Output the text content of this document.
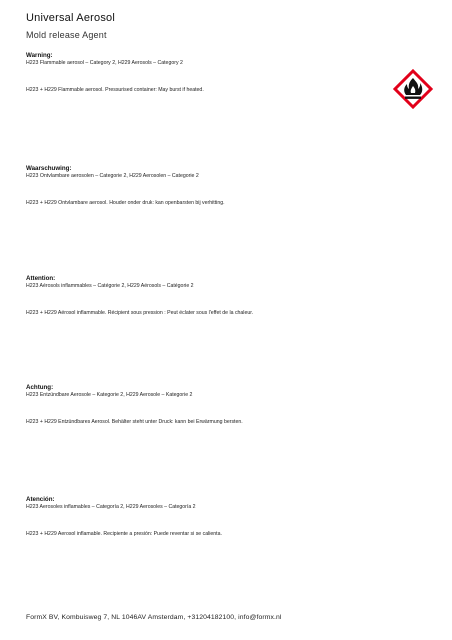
Universal Aerosol
Mold release Agent
Warning:
H223 Flammable aerosol – Category 2, H229 Aerosols – Category 2
H223 + H229 Flammable aerosol. Pressurised container: May burst if heated.
Waarschuwing:
H223 Ontvlambare aerosolen – Categorie 2, H229 Aerosolen – Categorie 2
H223 + H229 Ontvlambare aerosol. Houder onder druk: kan openbarsten bij verhitting.
Attention:
H223 Aérosols inflammables – Catégorie 2, H229 Aérosols – Catégorie 2
H223 + H229 Aérosol inflammable. Récipient sous pression : Peut éclater sous l'effet de la chaleur.
Achtung:
H223 Entzündbare Aerosole – Kategorie 2, H229 Aerosole – Kategorie 2
H223 + H229 Entzündbares Aerosol. Behälter steht unter Druck: kann bei Erwärmung bersten.
Atención:
H223 Aerosoles inflamables – Categoría 2, H229 Aerosoles – Categoría 2
H223 + H229 Aerosol inflamable. Recipiente a presión: Puede reventar si se calienta.
FormX BV, Kombuisweg 7, NL 1046AV Amsterdam, +31204182100, info@formx.nl
